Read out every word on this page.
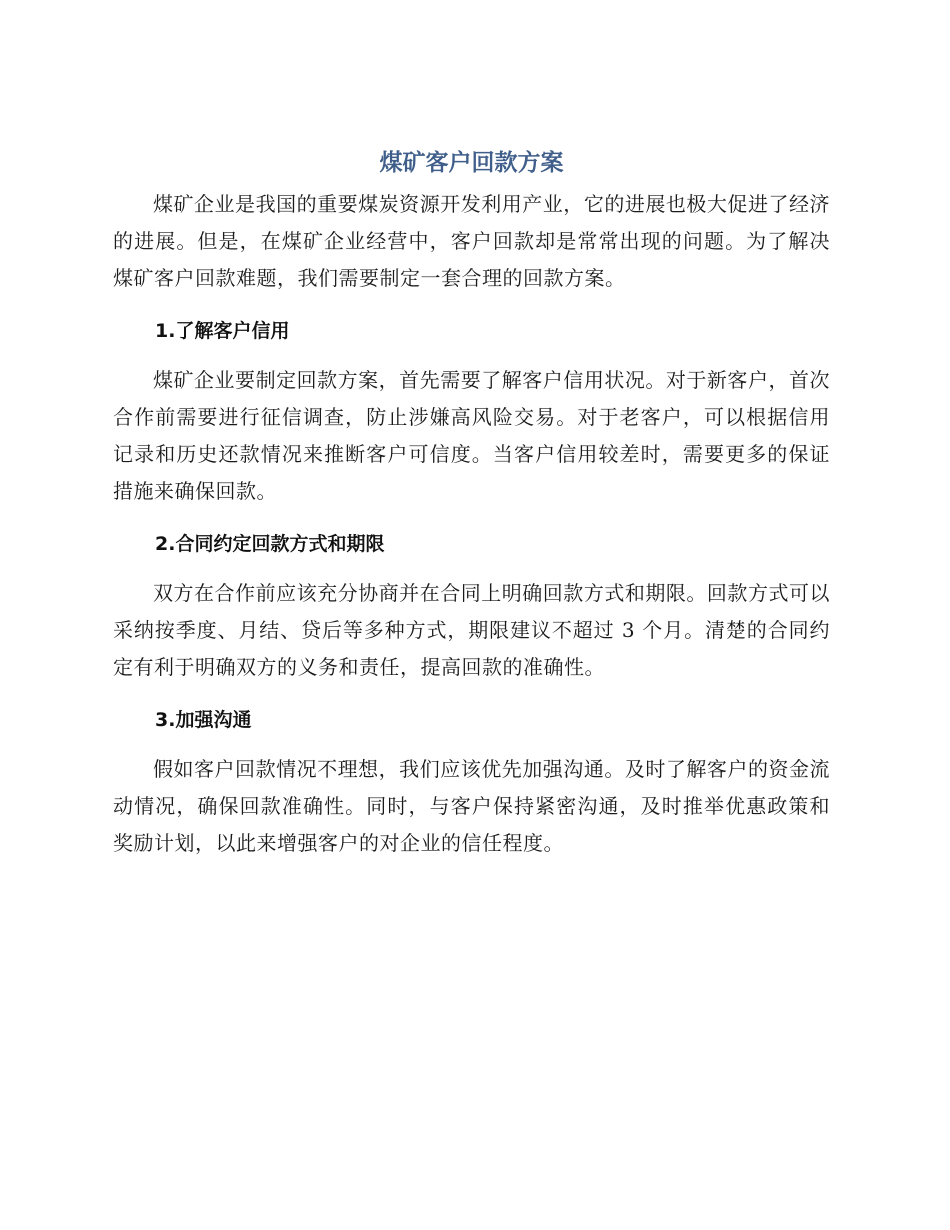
煤矿客户回款方案

煤矿企业是我国的重要煤炭资源开发利用产业，它的进展也极大促进了经济的进展。但是，在煤矿企业经营中，客户回款却是常常出现的问题。为了解决煤矿客户回款难题，我们需要制定一套合理的回款方案。

1.了解客户信用

煤矿企业要制定回款方案，首先需要了解客户信用状况。对于新客户，首次合作前需要进行征信调查，防止涉嫌高风险交易。对于老客户，可以根据信用记录和历史还款情况来推断客户可信度。当客户信用较差时，需要更多的保证措施来确保回款。

2.合同约定回款方式和期限

双方在合作前应该充分协商并在合同上明确回款方式和期限。回款方式可以采纳按季度、月结、贷后等多种方式，期限建议不超过 3 个月。清楚的合同约定有利于明确双方的义务和责任，提高回款的准确性。

3.加强沟通

假如客户回款情况不理想，我们应该优先加强沟通。及时了解客户的资金流动情况，确保回款准确性。同时，与客户保持紧密沟通，及时推举优惠政策和奖励计划，以此来增强客户的对企业的信任程度。
